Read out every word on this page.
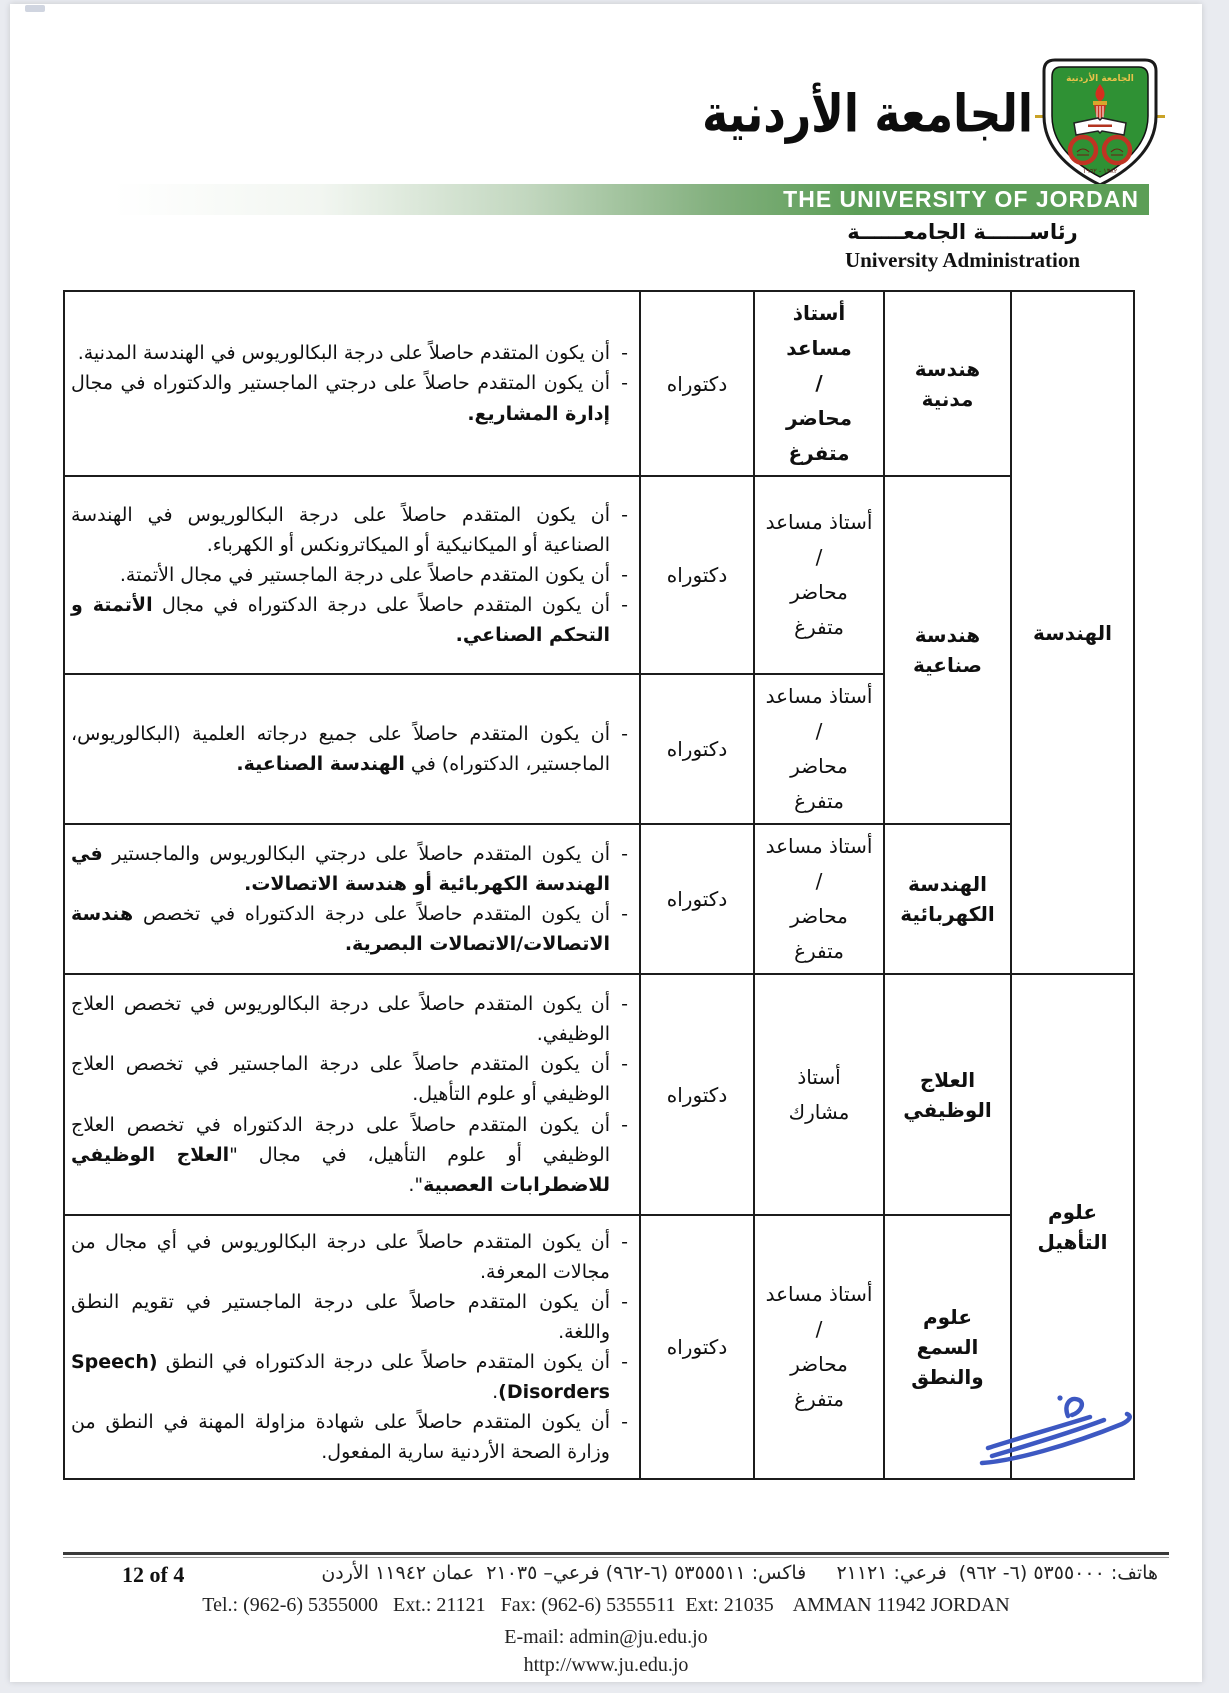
الجامعة الأردنية
الجامعة الأردنية
١٣٨٢ - ١٩٦٢
THE UNIVERSITY OF JORDAN
رئاســــــة الجامعــــــة
University Administration
الهندسة	هندسة مدنية	أستاذ مساعد
/
محاضر
متفرغ	دكتوراه	
- أن يكون المتقدم حاصلاً على درجة البكالوريوس في الهندسة المدنية.
- أن يكون المتقدم حاصلاً على درجتي الماجستير والدكتوراه في مجال إدارة المشاريع.

هندسة صناعية	أستاذ مساعد
/
محاضر
متفرغ	دكتوراه	
- أن يكون المتقدم حاصلاً على درجة البكالوريوس في الهندسة الصناعية أو الميكانيكية أو الميكاترونكس أو الكهرباء.
- أن يكون المتقدم حاصلاً على درجة الماجستير في مجال الأتمتة.
- أن يكون المتقدم حاصلاً على درجة الدكتوراه في مجال الأتمتة و التحكم الصناعي.

أستاذ مساعد
/
محاضر
متفرغ	دكتوراه	
- أن يكون المتقدم حاصلاً على جميع درجاته العلمية (البكالوريوس، الماجستير، الدكتوراه) في الهندسة الصناعية.

الهندسة الكهربائية	أستاذ مساعد
/
محاضر
متفرغ	دكتوراه	
- أن يكون المتقدم حاصلاً على درجتي البكالوريوس والماجستير في الهندسة الكهربائية أو هندسة الاتصالات.
- أن يكون المتقدم حاصلاً على درجة الدكتوراه في تخصص هندسة الاتصالات/الاتصالات البصرية.

علوم التأهيل	العلاج الوظيفي	أستاذ
مشارك	دكتوراه	
- أن يكون المتقدم حاصلاً على درجة البكالوريوس في تخصص العلاج الوظيفي.
- أن يكون المتقدم حاصلاً على درجة الماجستير في تخصص العلاج الوظيفي أو علوم التأهيل.
- أن يكون المتقدم حاصلاً على درجة الدكتوراه في تخصص العلاج الوظيفي أو علوم التأهيل، في مجال "العلاج الوظيفي للاضطرابات العصبية".

علوم السمع والنطق	أستاذ مساعد
/
محاضر
متفرغ	دكتوراه	
- أن يكون المتقدم حاصلاً على درجة البكالوريوس في أي مجال من مجالات المعرفة.
- أن يكون المتقدم حاصلاً على درجة الماجستير في تقويم النطق واللغة.
- أن يكون المتقدم حاصلاً على درجة الدكتوراه في النطق (Speech Disorders).
- أن يكون المتقدم حاصلاً على شهادة مزاولة المهنة في النطق من وزارة الصحة الأردنية سارية المفعول.
هاتف: ٥٣٥٥٠٠٠ (٦- ٩٦٢)  فرعي: ٢١١٢١     فاكس: ٥٣٥٥٥١١ (٦-٩٦٢) فرعي– ٢١٠٣٥  عمان ١١٩٤٢ الأردن
12 of 4
Tel.: (962-6) 5355000   Ext.: 21121   Fax: (962-6) 5355511  Ext: 21035    AMMAN 11942 JORDAN
E-mail: admin@ju.edu.jo
http://www.ju.edu.jo
